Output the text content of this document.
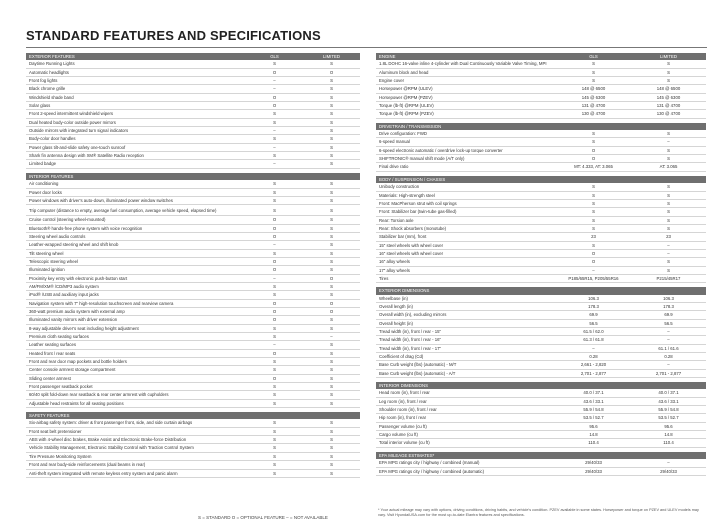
STANDARD FEATURES AND SPECIFICATIONS
EXTERIOR FEATURES	GLS	LIMITED
Daytime Running Lights	S	S
Automatic headlights	O	O
Front fog lights	–	S
Black chrome grille	–	S
Windshield shade band	O	S
Solar glass	O	S
Front 2-speed intermittent windshield wipers	S	S
Dual heated body-color outside power mirrors	S	S
Outside mirrors with integrated turn signal indicators	–	S
Body-color door handles	S	S
Power glass tilt-and-slide safety one-touch sunroof	–	S
Shark fin antenna design with XM® Satellite Radio reception	S	S
Limited badge	–	S

INTERIOR FEATURES		
Air conditioning	S	S
Power door locks	S	S
Power windows with driver's auto-down, illuminated power window switches	S	S
Trip computer (distance to empty, average fuel consumption, average vehicle speed, elapsed time)	S	S
Cruise control (steering wheel-mounted)	O	S
Bluetooth® hands-free phone system with voice recognition	O	S
Steering wheel audio controls	O	S
Leather-wrapped steering wheel and shift knob	–	S
Tilt steering wheel	S	S
Telescopic steering wheel	O	S
Illuminated ignition	O	S
Proximity key entry with electronic push-button start	–	O
AM/FM/XM® /CD/MP3 audio system	S	S
iPod® /USB and auxiliary input jacks	S	S
Navigation system with 7" high-resolution touchscreen and rearview camera	O	O
360-watt premium audio system with external amp	O	O
Illuminated vanity mirrors with driver extension	O	S
8-way adjustable driver's seat including height adjustment	S	S
Premium cloth seating surfaces	S	–
Leather seating surfaces	–	S
Heated front / rear seats	O	S
Front and rear door map pockets and bottle holders	S	S
Center console armrest storage compartment	S	S
Sliding center armrest	O	S
Front passenger seatback pocket	S	S
60/40 split fold-down rear seatback & rear center armrest with cupholders	S	S
Adjustable head restraints for all seating positions	S	S

SAFETY FEATURES		
Six-airbag safety system: driver & front passenger front, side, and side curtain airbags	S	S
Front seat belt pretensioner	S	S
ABS with 4-wheel disc brakes, Brake Assist and Electronic Brake-force Distribution	S	S
Vehicle Stability Management, Electronic Stability Control with Traction Control System	S	S
Tire Pressure Monitoring System	S	S
Front and rear body-side reinforcements (dual beams in rear)	S	S
Anti-theft system integrated with remote keyless entry system and panic alarm	S	S
ENGINE	GLS	LIMITED
1.8L DOHC 16-valve inline 4-cylinder with Dual Continuously Variable Valve Timing, MPI	S	S
Aluminum block and head	S	S
Engine cover	S	S
Horsepower @RPM (ULEV)	148 @ 6500	148 @ 6500
Horsepower @RPM (PZEV)	145 @ 6300	145 @ 6300
Torque (lb-ft) @RPM (ULEV)	131 @ 4700	131 @ 4700
Torque (lb-ft) @RPM (PZEV)	130 @ 4700	130 @ 4700

DRIVETRAIN / TRANSMISSION		
Drive configuration: FWD	S	S
6-speed manual	S	–
6-speed electronic automatic / overdrive lock-up torque converter	O	S
SHIFTRONIC® manual shift mode (A/T only)	O	S
Final drive ratio	MT: 4.333, AT: 3.065	AT: 3.065

BODY / SUSPENSION / CHASSIS		
Unibody construction	S	S
Materials: High-strength steel	S	S
Front: MacPherson strut with coil springs	S	S
Front: Stabilizer bar (twin-tube gas-filled)	S	S
Rear: Torsion axle	S	S
Rear: Shock absorbers (monotube)	S	S
Stabilizer bar (mm), front	23	23
15" steel wheels with wheel cover	S	–
16" steel wheels with wheel cover	O	–
16" alloy wheels	O	S
17" alloy wheels	–	S
Tires	P185/65R15, P205/55R16	P215/45R17

EXTERIOR DIMENSIONS		
Wheelbase (in)	106.3	106.3
Overall length (in)	178.3	178.3
Overall width (in), excluding mirrors	69.9	69.9
Overall height (in)	56.5	56.5
Tread width (in), front / rear - 15"	61.5 / 62.0	–
Tread width (in), front / rear - 16"	61.3 / 61.8	–
Tread width (in), front / rear - 17"	–	61.1 / 61.6
Coefficient of drag (Cd)	0.28	0.28
Base Curb weight (lbs) (automatic) - M/T	2,661 - 2,820	–
Base Curb weight (lbs) (automatic) - A/T	2,701 - 2,877	2,701 - 2,877

INTERIOR DIMENSIONS		
Head room (in), front / rear	40.0 / 37.1	40.0 / 37.1
Leg room (in), front / rear	43.6 / 33.1	43.6 / 33.1
Shoulder room (in), front / rear	55.9 / 54.8	55.9 / 54.8
Hip room (in), front / rear	53.5 / 52.7	53.5 / 52.7
Passenger volume (cu ft)	95.6	95.6
Cargo volume (cu ft)	14.8	14.8
Total interior volume (cu ft)	110.4	110.4

EPA MILEAGE ESTIMATES*		
EPA MPG ratings city / highway / combined (manual)	29/40/33	–
EPA MPG ratings city / highway / combined (automatic)	29/40/33	29/40/33
S = STANDARD O = OPTIONAL FEATURE – = NOT AVAILABLE
* Your actual mileage may vary with options, driving conditions, driving habits, and vehicle's condition. PZEV available in some states. Horsepower and torque on PZEV and ULEV models may vary. Visit HyundaiUSA.com for the most up-to-date Elantra features and specifications.
